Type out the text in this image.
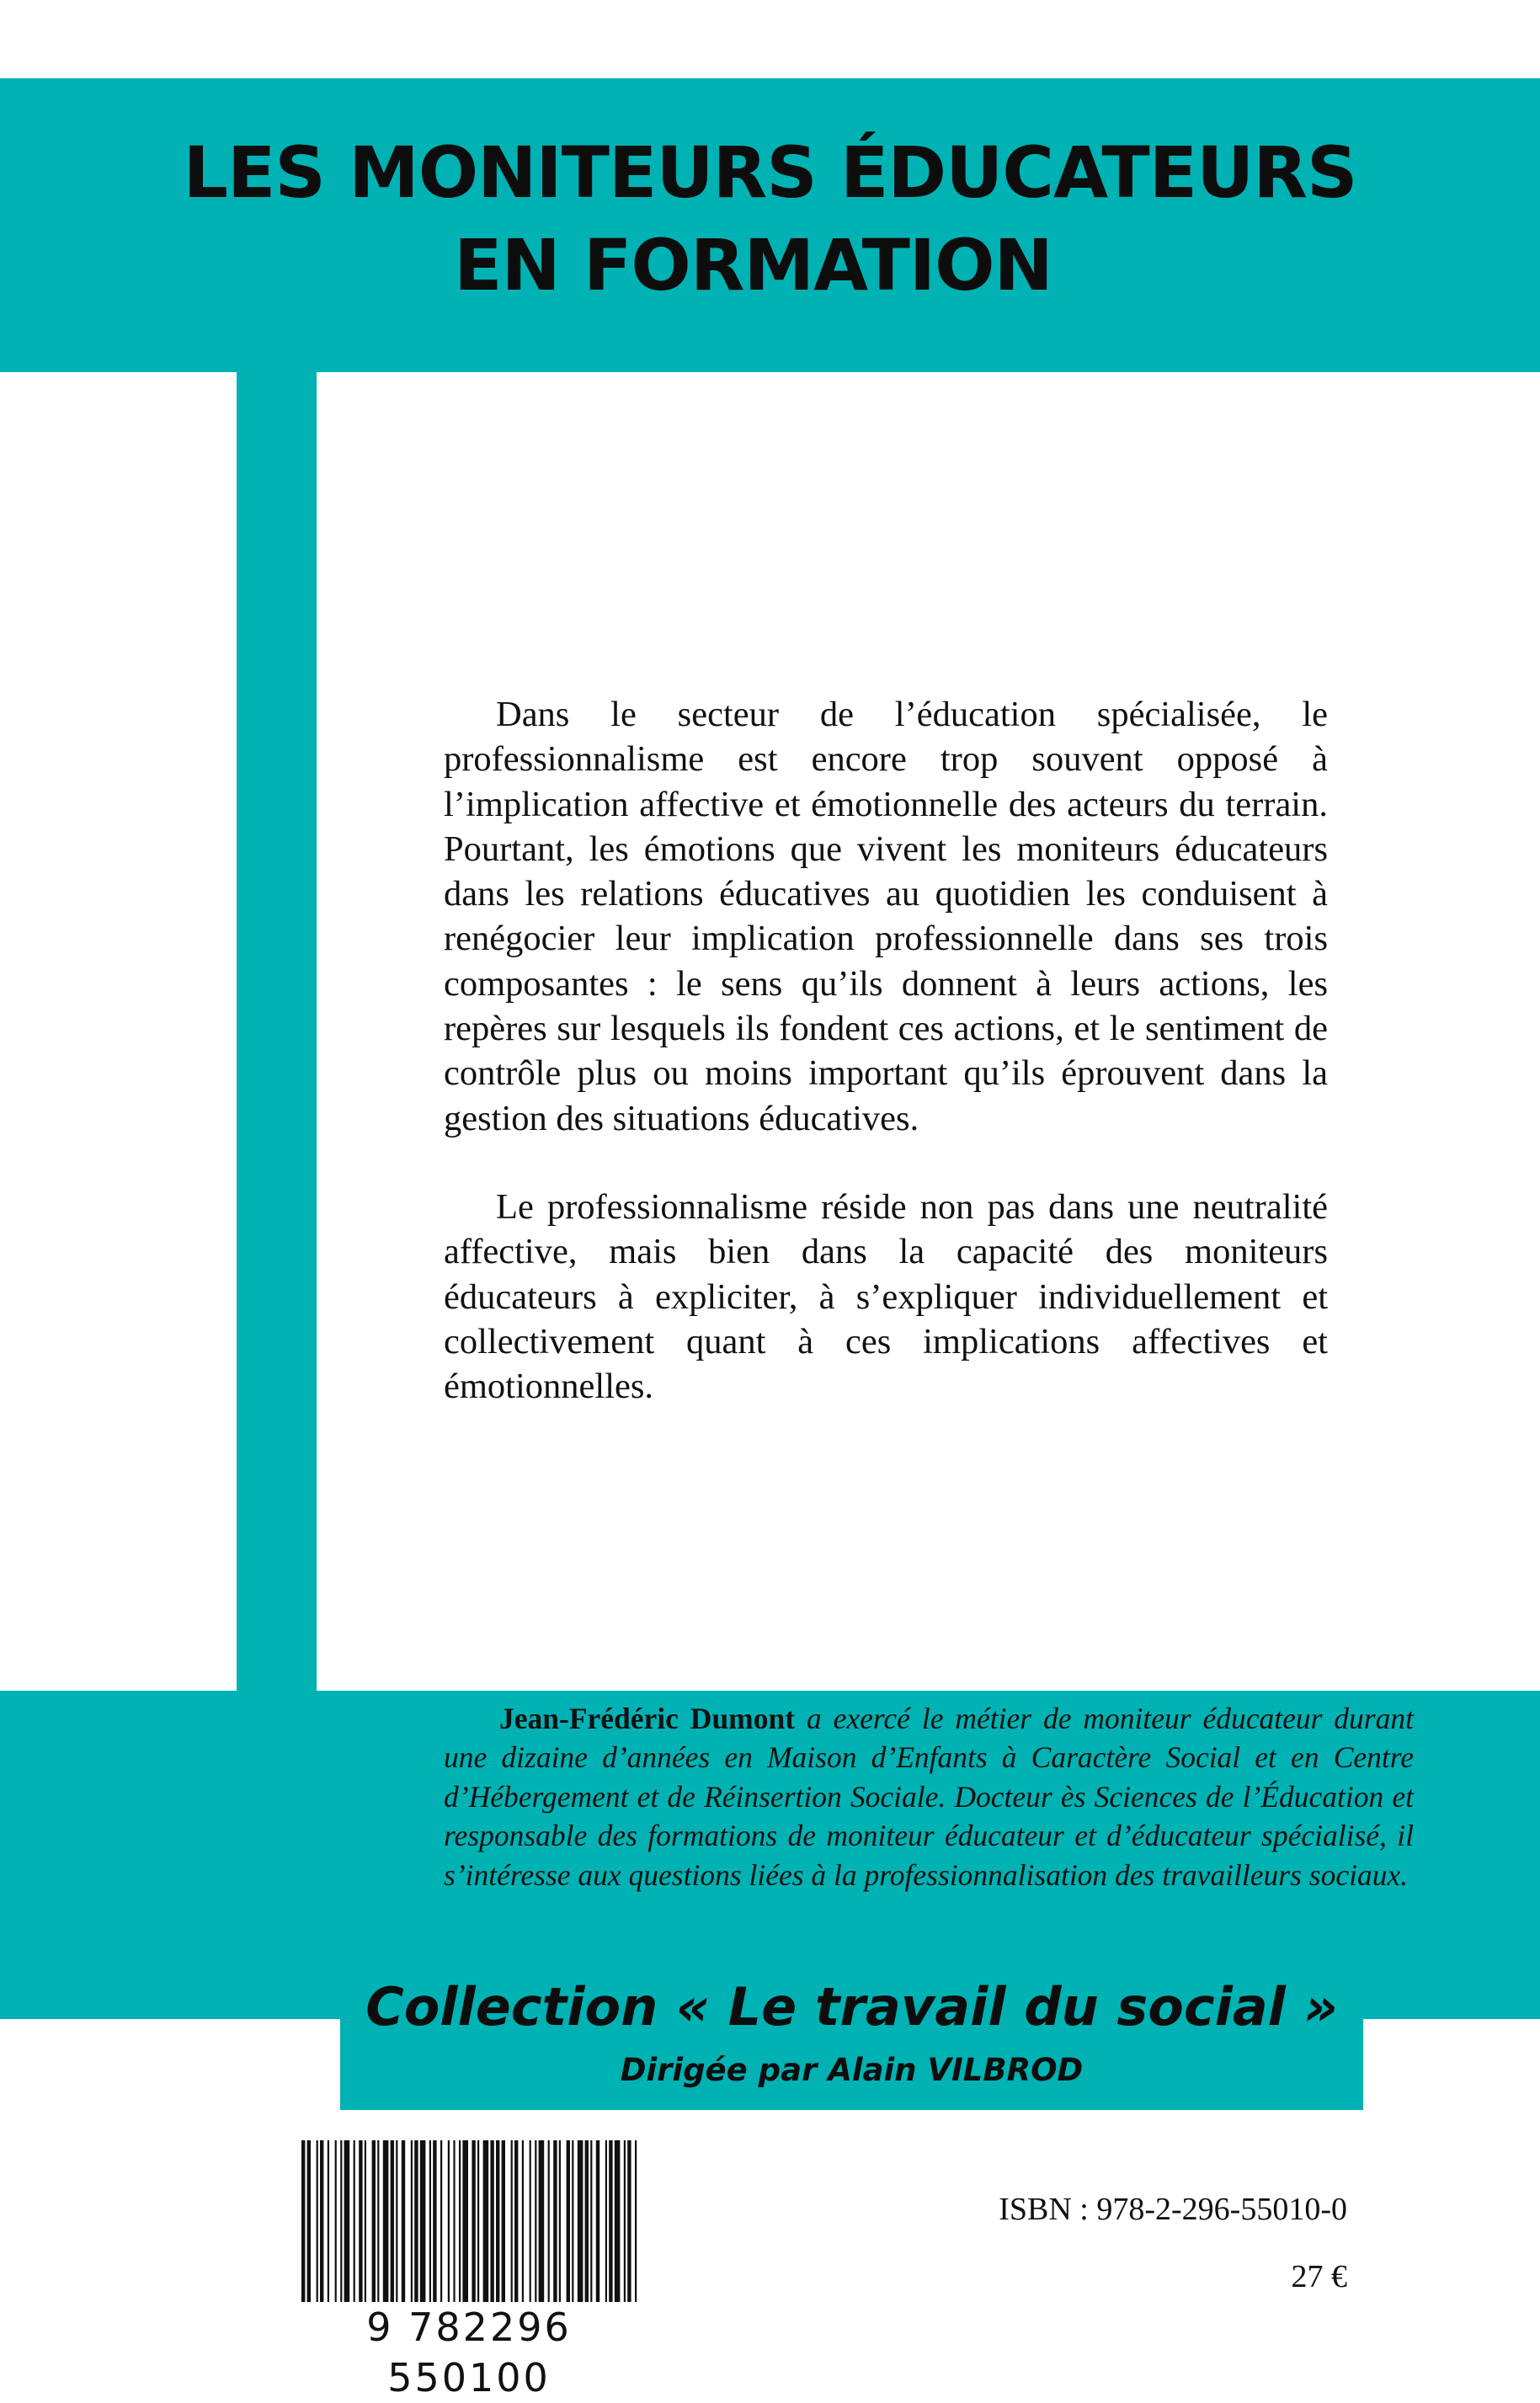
LES MONITEURS ÉDUCATEURS
EN FORMATION

Dans le secteur de l’éducation spécialisée, le professionnalisme est encore trop souvent opposé à l’implication affective et émotionnelle des acteurs du terrain. Pourtant, les émotions que vivent les moniteurs éducateurs dans les relations éducatives au quotidien les conduisent à renégocier leur implication professionnelle dans ses trois composantes : le sens qu’ils donnent à leurs actions, les repères sur lesquels ils fondent ces actions, et le sentiment de contrôle plus ou moins important qu’ils éprouvent dans la gestion des situations éducatives.

Le professionnalisme réside non pas dans une neutralité affective, mais bien dans la capacité des moniteurs éducateurs à expliciter, à s’expliquer individuellement et collectivement quant à ces implications affectives et émotionnelles.

Jean-Frédéric Dumont a exercé le métier de moniteur éducateur durant une dizaine d’années en Maison d’Enfants à Caractère Social et en Centre d’Hébergement et de Réinsertion Sociale. Docteur ès Sciences de l’Éducation et responsable des formations de moniteur éducateur et d’éducateur spécialisé, il s’intéresse aux questions liées à la professionnalisation des travailleurs sociaux.

Collection « Le travail du social »

Dirigée par Alain VILBROD

9 782296 550100
ISBN : 978-2-296-55010-0
27 €
